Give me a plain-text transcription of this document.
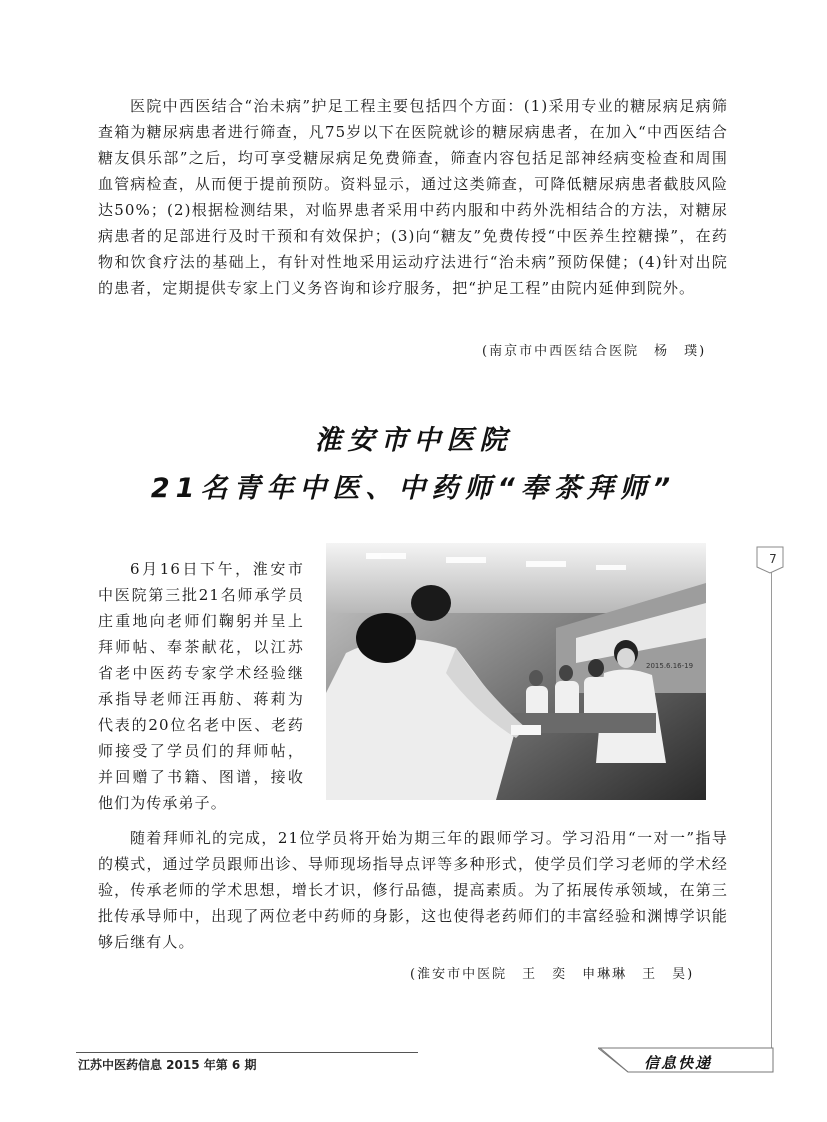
医院中西医结合“治未病”护足工程主要包括四个方面：(1)采用专业的糖尿病足病筛查箱为糖尿病患者进行筛查，凡75岁以下在医院就诊的糖尿病患者，在加入“中西医结合糖友俱乐部”之后，均可享受糖尿病足免费筛查，筛查内容包括足部神经病变检查和周围血管病检查，从而便于提前预防。资料显示，通过这类筛查，可降低糖尿病患者截肢风险达50%；(2)根据检测结果，对临界患者采用中药内服和中药外洗相结合的方法，对糖尿病患者的足部进行及时干预和有效保护；(3)向“糖友”免费传授“中医养生控糖操”，在药物和饮食疗法的基础上，有针对性地采用运动疗法进行“治未病”预防保健；(4)针对出院的患者，定期提供专家上门义务咨询和诊疗服务，把“护足工程”由院内延伸到院外。

(南京市中西医结合医院　杨　璞)
淮安市中医院
21名青年中医、中药师“奉茶拜师”

6月16日下午，淮安市中医院第三批21名师承学员庄重地向老师们鞠躬并呈上拜师帖、奉茶献花，以江苏省老中医药专家学术经验继承指导老师汪再舫、蒋莉为代表的20位名老中医、老药师接受了学员们的拜师帖，并回赠了书籍、图谱，接收他们为传承弟子。

2015.6.16-19

随着拜师礼的完成，21位学员将开始为期三年的跟师学习。学习沿用“一对一”指导的模式，通过学员跟师出诊、导师现场指导点评等多种形式，使学员们学习老师的学术经验，传承老师的学术思想，增长才识，修行品德，提高素质。为了拓展传承领域，在第三批传承导师中，出现了两位老中药师的身影，这也使得老药师们的丰富经验和渊博学识能够后继有人。

(淮安市中医院　王　奕　申琳琳　王　昊)
7
江苏中医药信息 2015 年第 6 期	信息快递
